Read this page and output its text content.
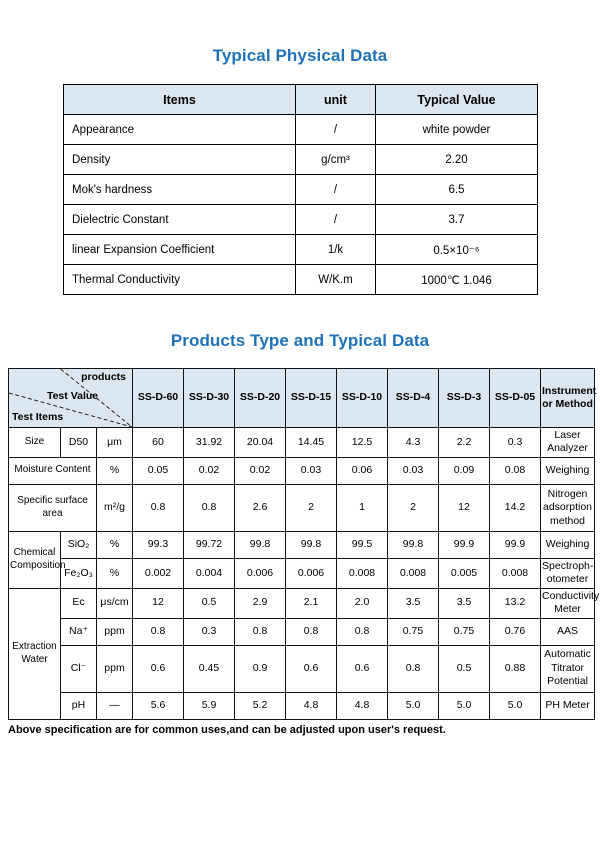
Typical Physical Data
Items	unit	Typical Value
Appearance	/	white powder
Density	g/cm³	2.20
Mok's hardness	/	6.5
Dielectric Constant	/	3.7
linear Expansion Coefficient	1/k	0.5×10⁻⁶
Thermal Conductivity	W/K.m	1000℃ 1.046
Products Type and Typical Data
products
Test Value
Test Items			SS-D-60	SS-D-30	SS-D-20	SS-D-15	SS-D-10	SS-D-4	SS-D-3	SS-D-05	Instrument
or Method
Size	D50	μm	60	31.92	20.04	14.45	12.5	4.3	2.2	0.3	Laser
Analyzer
Moisture Content		%	0.05	0.02	0.02	0.03	0.06	0.03	0.09	0.08	Weighing
Specific surface area		m²/g	0.8	0.8	2.6	2	1	2	12	14.2	Nitrogen
adsorption
method
Chemical Composition	SiO₂	%	99.3	99.72	99.8	99.8	99.5	99.8	99.9	99.9	Weighing
	Fe₂O₃	%	0.002	0.004	0.006	0.006	0.008	0.008	0.005	0.008	Spectroph-
otometer
Extraction Water	Ec	μs/cm	12	0.5	2.9	2.1	2.0	3.5	3.5	13.2	Conductivity
Meter
	Na⁺	ppm	0.8	0.3	0.8	0.8	0.8	0.75	0.75	0.76	AAS
	Cl⁻	ppm	0.6	0.45	0.9	0.6	0.6	0.8	0.5	0.88	Automatic
Titrator
Potential
	pH	—	5.6	5.9	5.2	4.8	4.8	5.0	5.0	5.0	PH Meter
Above specification are for common uses,and can be adjusted upon user's request.
